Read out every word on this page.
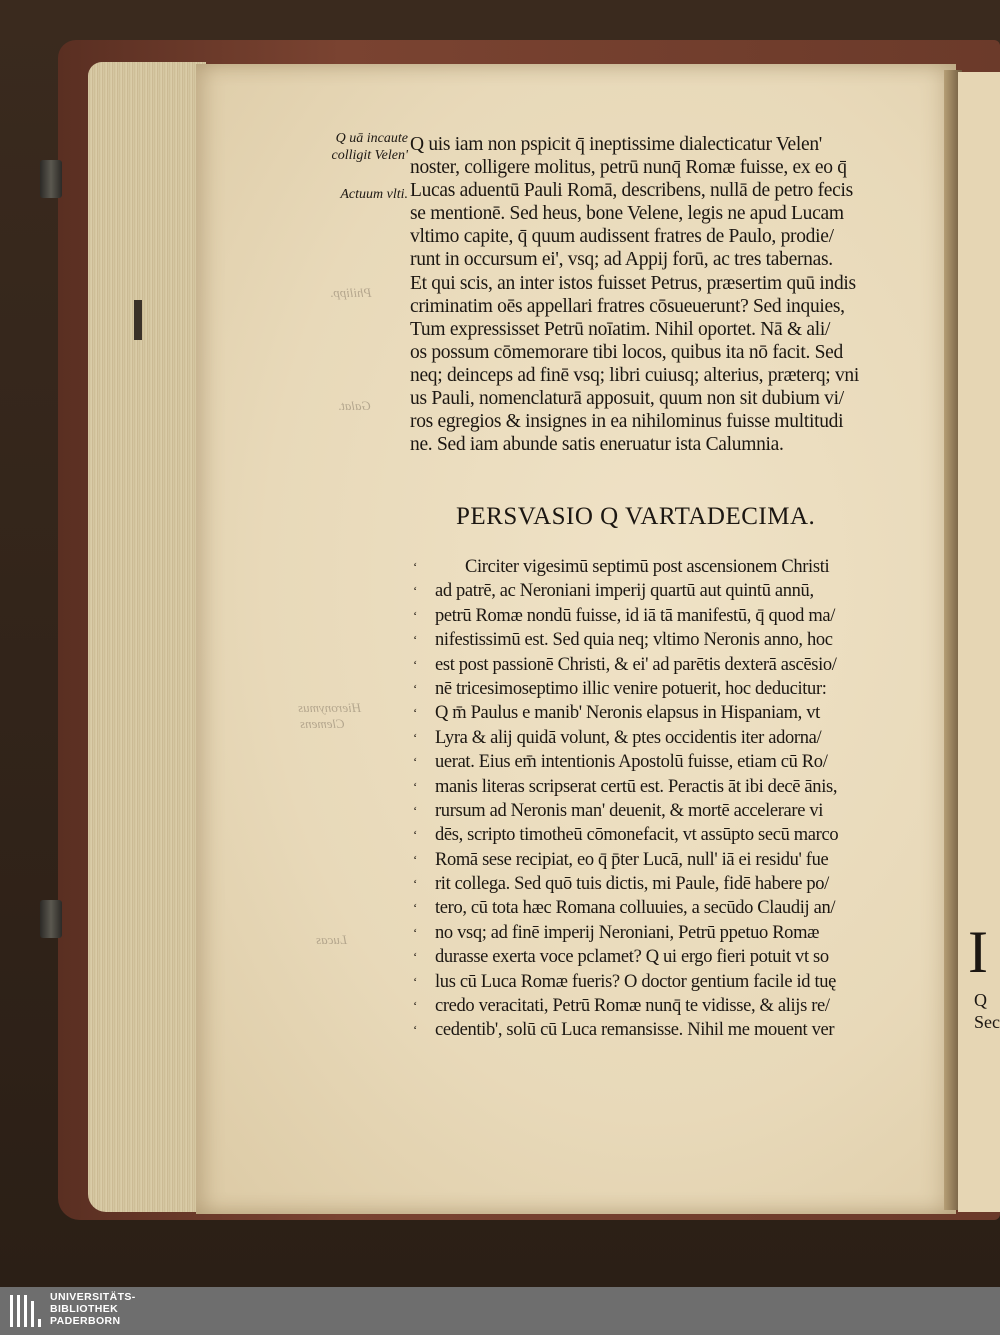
Philipp.
Galat.
Hieronymus
Clemens
Lucas
Q uā incaute
colligit Velen'
Actuum vlti.
Q uis iam non pspicit q̄ ineptissime dialecticatur Velen'
noster, colligere molitus, petrū nunq̄ Romæ fuisse, ex eo q̄
Lucas aduentū Pauli Romā, describens, nullā de petro fecis
se mentionē. Sed heus, bone Velene, legis ne apud Lucam
vltimo capite, q̄ quum audissent fratres de Paulo, prodie/
runt in occursum ei', vsq; ad Appij forū, ac tres tabernas.
Et qui scis, an inter istos fuisset Petrus, præsertim quū indis
criminatim oēs appellari fratres cōsueuerunt? Sed inquies,
Tum expressisset Petrū noīatim. Nihil oportet. Nā & ali/
os possum cōmemorare tibi locos, quibus ita nō facit. Sed
neq; deinceps ad finē vsq; libri cuiusq; alterius, præterq; vni
us Pauli, nomenclaturā apposuit, quum non sit dubium vi/
ros egregios & insignes in ea nihilominus fuisse multitudi
ne. Sed iam abunde satis eneruatur ista Calumnia.
PERSVASIO Q VARTADECIMA.
ʻ	Circiter vigesimū septimū post ascensionem Christi
ʻ ad patrē, ac Neroniani imperij quartū aut quintū annū,
ʻ petrū Romæ nondū fuisse, id iā tā manifestū, q̄ quod ma/
ʻ nifestissimū est. Sed quia neq; vltimo Neronis anno, hoc
ʻ est post passionē Christi, & ei' ad parētis dexterā ascēsio/
ʻ nē tricesimoseptimo illic venire potuerit, hoc deducitur:
ʻ Q m̄ Paulus e manib' Neronis elapsus in Hispaniam, vt
ʻ Lyra & alij quidā volunt, & ptes occidentis iter adorna/
ʻ uerat. Eius em̄ intentionis Apostolū fuisse, etiam cū Ro/
ʻ manis literas scripserat certū est. Peractis āt ibi decē ānis,
ʻ rursum ad Neronis man' deuenit, & mortē accelerare vi
ʻ dēs, scripto timotheū cōmonefacit, vt assūpto secū marco
ʻ Romā sese recipiat, eo q̄ p̄ter Lucā, null' iā ei residu' fue
ʻ rit collega. Sed quō tuis dictis, mi Paule, fidē habere po/
ʻ tero, cū tota hæc Romana colluuies, a secūdo Claudij an/
ʻ no vsq; ad finē imperij Neroniani, Petrū ppetuo Romæ
ʻ durasse exerta voce pclamet? Q ui ergo fieri potuit vt so
ʻ lus cū Luca Romæ fueris? O doctor gentium facile id tuę
ʻ credo veracitati, Petrū Romæ nunq̄ te vidisse, & alijs re/
ʻ cedentib', solū cū Luca remansisse. Nihil me mouent ver
I
Q
Sec
UNIVERSITÄTS-
BIBLIOTHEK
PADERBORN
